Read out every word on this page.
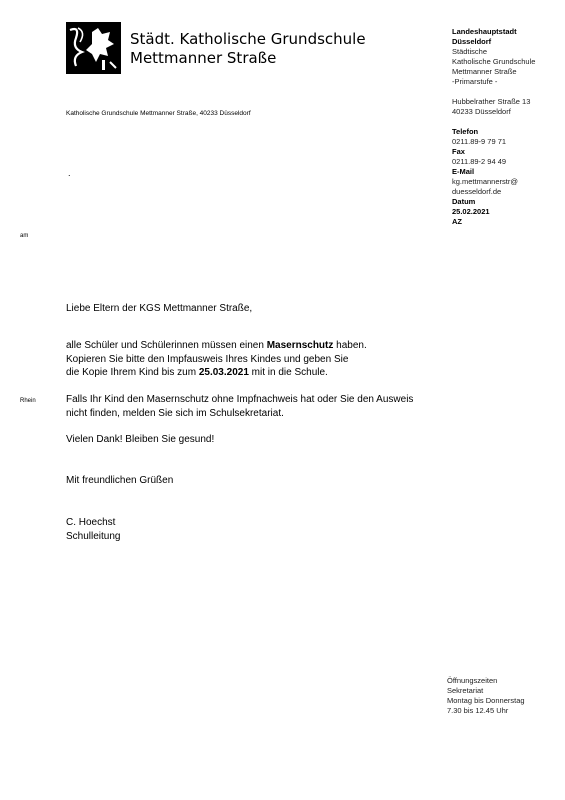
Städt. Katholische Grundschule
Mettmanner Straße
Katholische Grundschule Mettmanner Straße, 40233 Düsseldorf
.
am
Rhein
Landeshauptstadt
Düsseldorf
Städtische
Katholische Grundschule
Mettmanner Straße
-Primarstufe -
Hubbelrather Straße 13
40233 Düsseldorf
Telefon
0211.89-9 79 71
Fax
0211.89-2 94 49
E-Mail
kg.mettmannerstr@
duesseldorf.de
Datum
25.02.2021
AZ
Liebe Eltern der KGS Mettmanner Straße,
alle Schüler und Schülerinnen müssen einen Masernschutz haben.
Kopieren Sie bitte den Impfausweis Ihres Kindes und geben Sie
die Kopie Ihrem Kind bis zum 25.03.2021 mit in die Schule.
Falls Ihr Kind den Masernschutz ohne Impfnachweis hat oder Sie den Ausweis
nicht finden, melden Sie sich im Schulsekretariat.
Vielen Dank! Bleiben Sie gesund!
Mit freundlichen Grüßen
C. Hoechst
Schulleitung
Öffnungszeiten
Sekretariat
Montag bis Donnerstag
7.30 bis 12.45 Uhr
